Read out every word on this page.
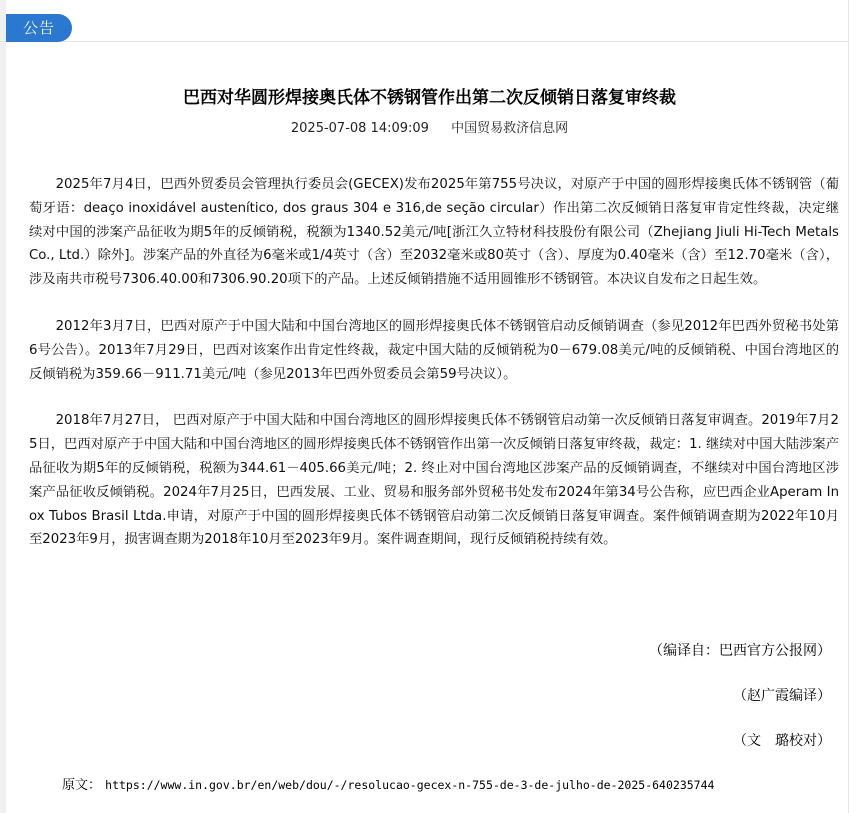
公告
巴西对华圆形焊接奥氏体不锈钢管作出第二次反倾销日落复审终裁
2025-07-08 14:09:09 中国贸易救济信息网

2025年7月4日，巴西外贸委员会管理执行委员会(GECEX)发布2025年第755号决议，对原产于中国的圆形焊接奥氏体不锈钢管（葡萄牙语：deaço inoxidável austenítico, dos graus 304 e 316,de seção circular）作出第二次反倾销日落复审肯定性终裁，决定继续对中国的涉案产品征收为期5年的反倾销税，税额为1340.52美元/吨[浙江久立特材科技股份有限公司（Zhejiang Jiuli Hi-Tech Metals Co., Ltd.）除外]。涉案产品的外直径为6毫米或1/4英寸（含）至2032毫米或80英寸（含）、厚度为0.40毫米（含）至12.70毫米（含），涉及南共市税号7306.40.00和7306.90.20项下的产品。上述反倾销措施不适用圆锥形不锈钢管。本决议自发布之日起生效。

2012年3月7日，巴西对原产于中国大陆和中国台湾地区的圆形焊接奥氏体不锈钢管启动反倾销调查（参见2012年巴西外贸秘书处第6号公告）。2013年7月29日，巴西对该案作出肯定性终裁，裁定中国大陆的反倾销税为0－679.08美元/吨的反倾销税、中国台湾地区的反倾销税为359.66－911.71美元/吨（参见2013年巴西外贸委员会第59号决议）。

2018年7月27日， 巴西对原产于中国大陆和中国台湾地区的圆形焊接奥氏体不锈钢管启动第一次反倾销日落复审调查。2019年7月25日，巴西对原产于中国大陆和中国台湾地区的圆形焊接奥氏体不锈钢管作出第一次反倾销日落复审终裁，裁定：1. 继续对中国大陆涉案产品征收为期5年的反倾销税，税额为344.61－405.66美元/吨；2. 终止对中国台湾地区涉案产品的反倾销调查，不继续对中国台湾地区涉案产品征收反倾销税。2024年7月25日，巴西发展、工业、贸易和服务部外贸秘书处发布2024年第34号公告称，应巴西企业Aperam Inox Tubos Brasil Ltda.申请，对原产于中国的圆形焊接奥氏体不锈钢管启动第二次反倾销日落复审调查。案件倾销调查期为2022年10月至2023年9月，损害调查期为2018年10月至2023年9月。案件调查期间，现行反倾销税持续有效。

（编译自：巴西官方公报网）
（赵广霞编译）
（文　璐校对）
原文： https://www.in.gov.br/en/web/dou/-/resolucao-gecex-n-755-de-3-de-julho-de-2025-640235744
